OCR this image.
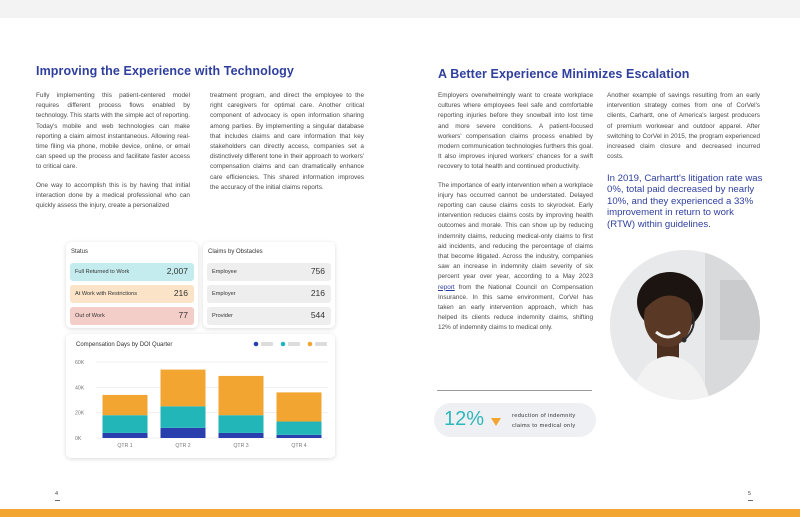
Improving the Experience with Technology

Fully implementing this patient-centered model requires different process flows enabled by technology. This starts with the simple act of reporting. Today's mobile and web technologies can make reporting a claim almost instantaneous. Allowing real-time filing via phone, mobile device, online, or email can speed up the process and facilitate faster access to critical care.

One way to accomplish this is by having that initial interaction done by a medical professional who can quickly assess the injury, create a personalized

treatment program, and direct the employee to the right caregivers for optimal care. Another critical component of advocacy is open information sharing among parties. By implementing a singular database that includes claims and care information that key stakeholders can directly access, companies set a distinctively different tone in their approach to workers' compensation claims and can dramatically enhance care efficiencies. This shared information improves the accuracy of the initial claims reports.

Status
Full Returned to Work	2,007
At Work with Restrictions	216
Out of Work	77
Claims by Obstacles
Employee	756
Employer	216
Provider	544
Compensation Days by DOI Quarter
0K
20K
40K
60K
QTR 1	QTR 2	QTR 3	QTR 4
4
A Better Experience Minimizes Escalation

Employers overwhelmingly want to create workplace cultures where employees feel safe and comfortable reporting injuries before they snowball into lost time and more severe conditions. A patient-focused workers' compensation claims process enabled by modern communication technologies furthers this goal. It also improves injured workers' chances for a swift recovery to total health and continued productivity.

The importance of early intervention when a workplace injury has occurred cannot be understated. Delayed reporting can cause claims costs to skyrocket. Early intervention reduces claims costs by improving health outcomes and morale. This can show up by reducing indemnity claims, reducing medical-only claims to first aid incidents, and reducing the percentage of claims that become litigated. Across the industry, companies saw an increase in indemnity claim severity of six percent year over year, according to a May 2023 report from the National Council on Compensation Insurance. In this same environment, CorVel has taken an early intervention approach, which has helped its clients reduce indemnity claims, shifting 12% of indemnity claims to medical only.

12%	reduction of indemnity
claims to medical only

Another example of savings resulting from an early intervention strategy comes from one of CorVel's clients, Carhartt, one of America's largest producers of premium workwear and outdoor apparel. After switching to CorVel in 2015, the program experienced increased claim closure and decreased incurred costs.

In 2019, Carhartt's litigation rate was 0%, total paid decreased by nearly 10%, and they experienced a 33% improvement in return to work (RTW) within guidelines.
5
